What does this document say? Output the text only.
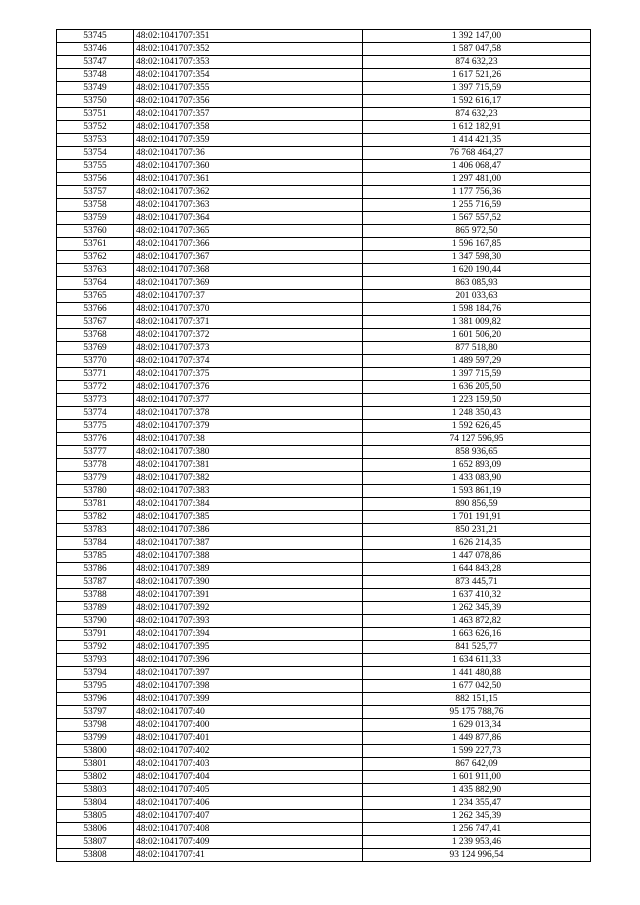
53745	48:02:1041707:351	1 392 147,00
53746	48:02:1041707:352	1 587 047,58
53747	48:02:1041707:353	874 632,23
53748	48:02:1041707:354	1 617 521,26
53749	48:02:1041707:355	1 397 715,59
53750	48:02:1041707:356	1 592 616,17
53751	48:02:1041707:357	874 632,23
53752	48:02:1041707:358	1 612 182,91
53753	48:02:1041707:359	1 414 421,35
53754	48:02:1041707:36	76 768 464,27
53755	48:02:1041707:360	1 406 068,47
53756	48:02:1041707:361	1 297 481,00
53757	48:02:1041707:362	1 177 756,36
53758	48:02:1041707:363	1 255 716,59
53759	48:02:1041707:364	1 567 557,52
53760	48:02:1041707:365	865 972,50
53761	48:02:1041707:366	1 596 167,85
53762	48:02:1041707:367	1 347 598,30
53763	48:02:1041707:368	1 620 190,44
53764	48:02:1041707:369	863 085,93
53765	48:02:1041707:37	201 033,63
53766	48:02:1041707:370	1 598 184,76
53767	48:02:1041707:371	1 381 009,82
53768	48:02:1041707:372	1 601 506,20
53769	48:02:1041707:373	877 518,80
53770	48:02:1041707:374	1 489 597,29
53771	48:02:1041707:375	1 397 715,59
53772	48:02:1041707:376	1 636 205,50
53773	48:02:1041707:377	1 223 159,50
53774	48:02:1041707:378	1 248 350,43
53775	48:02:1041707:379	1 592 626,45
53776	48:02:1041707:38	74 127 596,95
53777	48:02:1041707:380	858 936,65
53778	48:02:1041707:381	1 652 893,09
53779	48:02:1041707:382	1 433 083,90
53780	48:02:1041707:383	1 593 861,19
53781	48:02:1041707:384	890 856,59
53782	48:02:1041707:385	1 701 191,91
53783	48:02:1041707:386	850 231,21
53784	48:02:1041707:387	1 626 214,35
53785	48:02:1041707:388	1 447 078,86
53786	48:02:1041707:389	1 644 843,28
53787	48:02:1041707:390	873 445,71
53788	48:02:1041707:391	1 637 410,32
53789	48:02:1041707:392	1 262 345,39
53790	48:02:1041707:393	1 463 872,82
53791	48:02:1041707:394	1 663 626,16
53792	48:02:1041707:395	841 525,77
53793	48:02:1041707:396	1 634 611,33
53794	48:02:1041707:397	1 441 480,88
53795	48:02:1041707:398	1 677 042,50
53796	48:02:1041707:399	882 151,15
53797	48:02:1041707:40	95 175 788,76
53798	48:02:1041707:400	1 629 013,34
53799	48:02:1041707:401	1 449 877,86
53800	48:02:1041707:402	1 599 227,73
53801	48:02:1041707:403	867 642,09
53802	48:02:1041707:404	1 601 911,00
53803	48:02:1041707:405	1 435 882,90
53804	48:02:1041707:406	1 234 355,47
53805	48:02:1041707:407	1 262 345,39
53806	48:02:1041707:408	1 256 747,41
53807	48:02:1041707:409	1 239 953,46
53808	48:02:1041707:41	93 124 996,54
